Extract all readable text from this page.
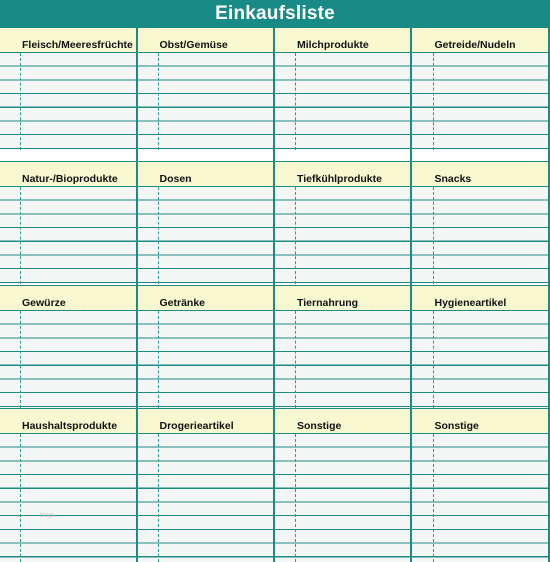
Einkaufsliste
Fleisch/Meeresfrüchte	Obst/Gemüse	Milchprodukte	Getreide/Nudeln
Natur-/Bioprodukte	Dosen	Tiefkühlprodukte	Snacks
Gewürze	Getränke	Tiernahrung	Hygieneartikel
Haushaltsprodukte	Drogerieartikel	Sonstige	Sonstige
blogs
